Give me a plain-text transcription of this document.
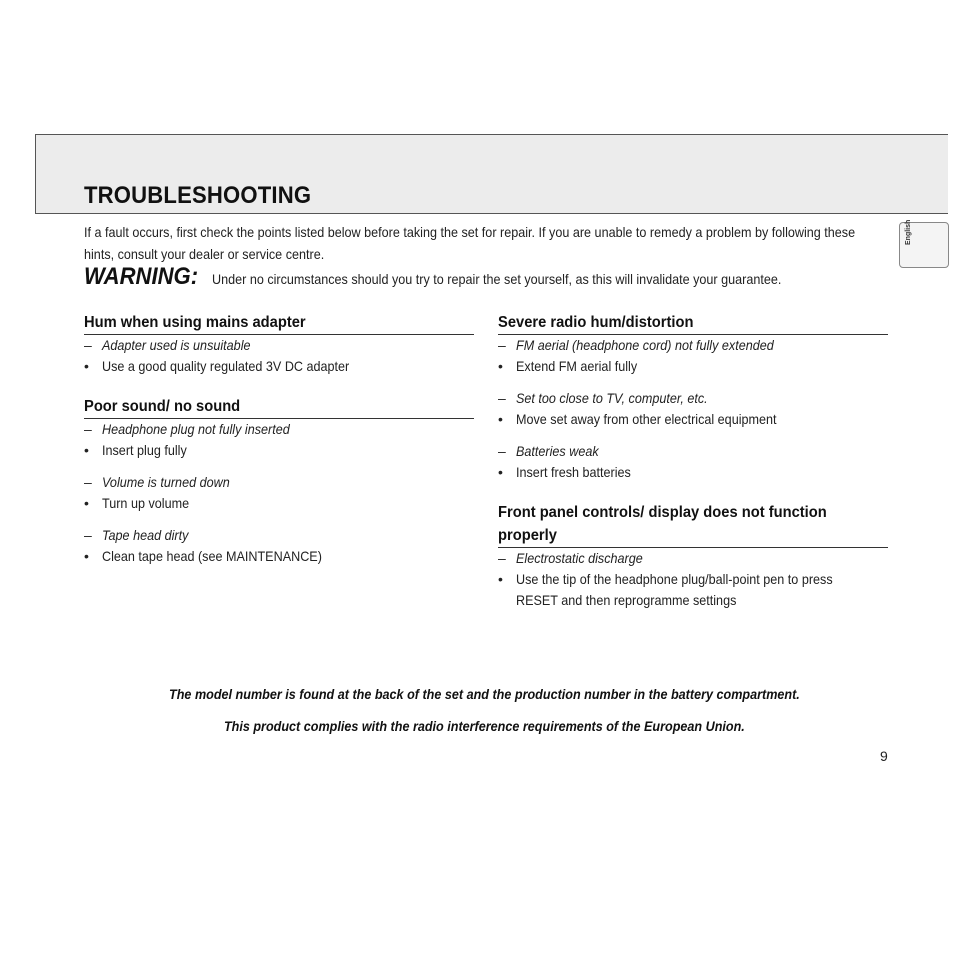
TROUBLESHOOTING
English
If a fault occurs, first check the points listed below before taking the set for repair. If you are unable to remedy a problem by following these hints, consult your dealer or service centre.
WARNING: Under no circumstances should you try to repair the set yourself, as this will invalidate your guarantee.
Hum when using mains adapter
– Adapter used is unsuitable
• Use a good quality regulated 3V DC adapter
Poor sound/ no sound
– Headphone plug not fully inserted
• Insert plug fully
– Volume is turned down
• Turn up volume
– Tape head dirty
• Clean tape head (see MAINTENANCE)
Severe radio hum/distortion
– FM aerial (headphone cord) not fully extended
• Extend FM aerial fully
– Set too close to TV, computer, etc.
• Move set away from other electrical equipment
– Batteries weak
• Insert fresh batteries
Front panel controls/ display does not function properly
– Electrostatic discharge
• Use the tip of the headphone plug/ball-point pen to press RESET and then reprogramme settings
The model number is found at the back of the set and the production number in the battery compartment.
This product complies with the radio interference requirements of the European Union.
9
